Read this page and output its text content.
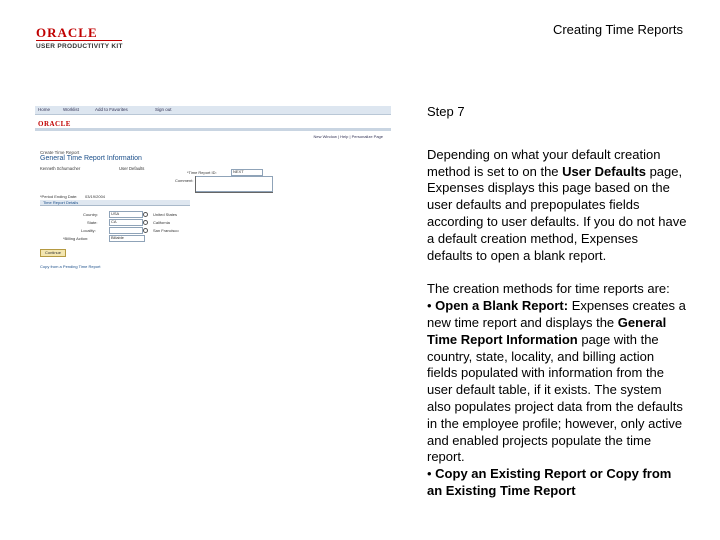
ORACLE
USER PRODUCTIVITY KIT
Creating Time Reports
Home	Worklist	Add to Favorites	Sign out
ORACLE
New Window | Help | Personalize Page
Create Time Report
General Time Report Information
Kenneth Schumacher	User Defaults
*Time Report ID:	NEXT
Comment:
*Period Ending Date: 03/19/2004
Time Report Details
Country:	USA	United States
State:	CA	California
Locality:	San Francisco
*Billing Action:	Billable
Continue
Copy from a Pending Time Report
Step 7
Depending on what your default creation method is set to on the User Defaults page, Expenses displays this page based on the user defaults and prepopulates fields according to user defaults. If you do not have a default creation method, Expenses defaults to open a blank report.
The creation methods for time reports are:
• Open a Blank Report: Expenses creates a new time report and displays the General Time Report Information page with the country, state, locality, and billing action fields populated with information from the user default table, if it exists. The system also populates project data from the defaults in the employee profile; however, only active and enabled projects populate the time report.
• Copy an Existing Report or Copy from an Existing Time Report
